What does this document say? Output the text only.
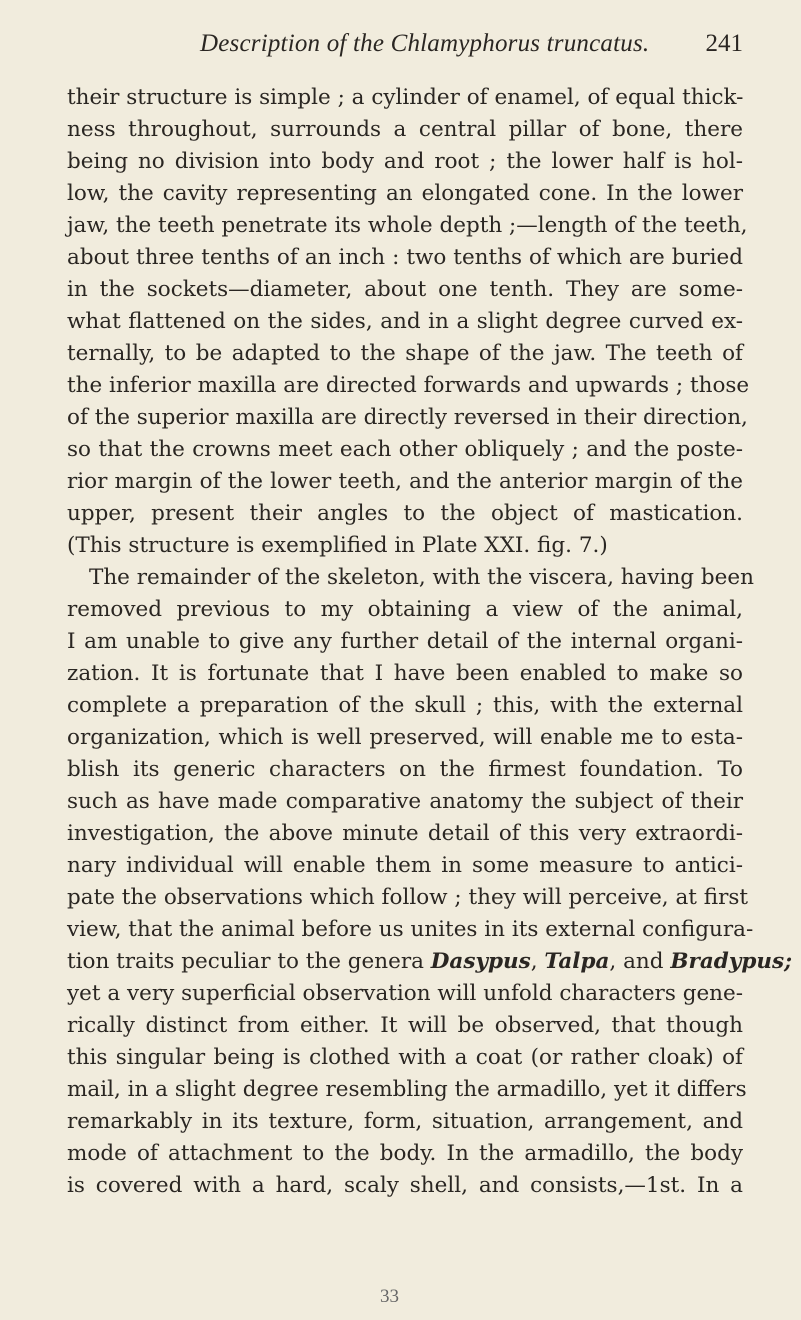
Description of the Chlamyphorus truncatus. 241
their structure is simple ; a cylinder of enamel, of equal thick-
ness throughout, surrounds a central pillar of bone, there
being no division into body and root ; the lower half is hol-
low, the cavity representing an elongated cone. In the lower
jaw, the teeth penetrate its whole depth ;—length of the teeth,
about three tenths of an inch : two tenths of which are buried
in the sockets—diameter, about one tenth. They are some-
what flattened on the sides, and in a slight degree curved ex-
ternally, to be adapted to the shape of the jaw. The teeth of
the inferior maxilla are directed forwards and upwards ; those
of the superior maxilla are directly reversed in their direction,
so that the crowns meet each other obliquely ; and the poste-
rior margin of the lower teeth, and the anterior margin of the
upper, present their angles to the object of mastication.
(This structure is exemplified in Plate XXI. fig. 7.)
The remainder of the skeleton, with the viscera, having been
removed previous to my obtaining a view of the animal,
I am unable to give any further detail of the internal organi-
zation. It is fortunate that I have been enabled to make so
complete a preparation of the skull ; this, with the external
organization, which is well preserved, will enable me to esta-
blish its generic characters on the firmest foundation. To
such as have made comparative anatomy the subject of their
investigation, the above minute detail of this very extraordi-
nary individual will enable them in some measure to antici-
pate the observations which follow ; they will perceive, at first
view, that the animal before us unites in its external configura-
tion traits peculiar to the genera Dasypus, Talpa, and Bradypus;
yet a very superficial observation will unfold characters gene-
rically distinct from either. It will be observed, that though
this singular being is clothed with a coat (or rather cloak) of
mail, in a slight degree resembling the armadillo, yet it differs
remarkably in its texture, form, situation, arrangement, and
mode of attachment to the body. In the armadillo, the body
is covered with a hard, scaly shell, and consists,—1st. In a
33
